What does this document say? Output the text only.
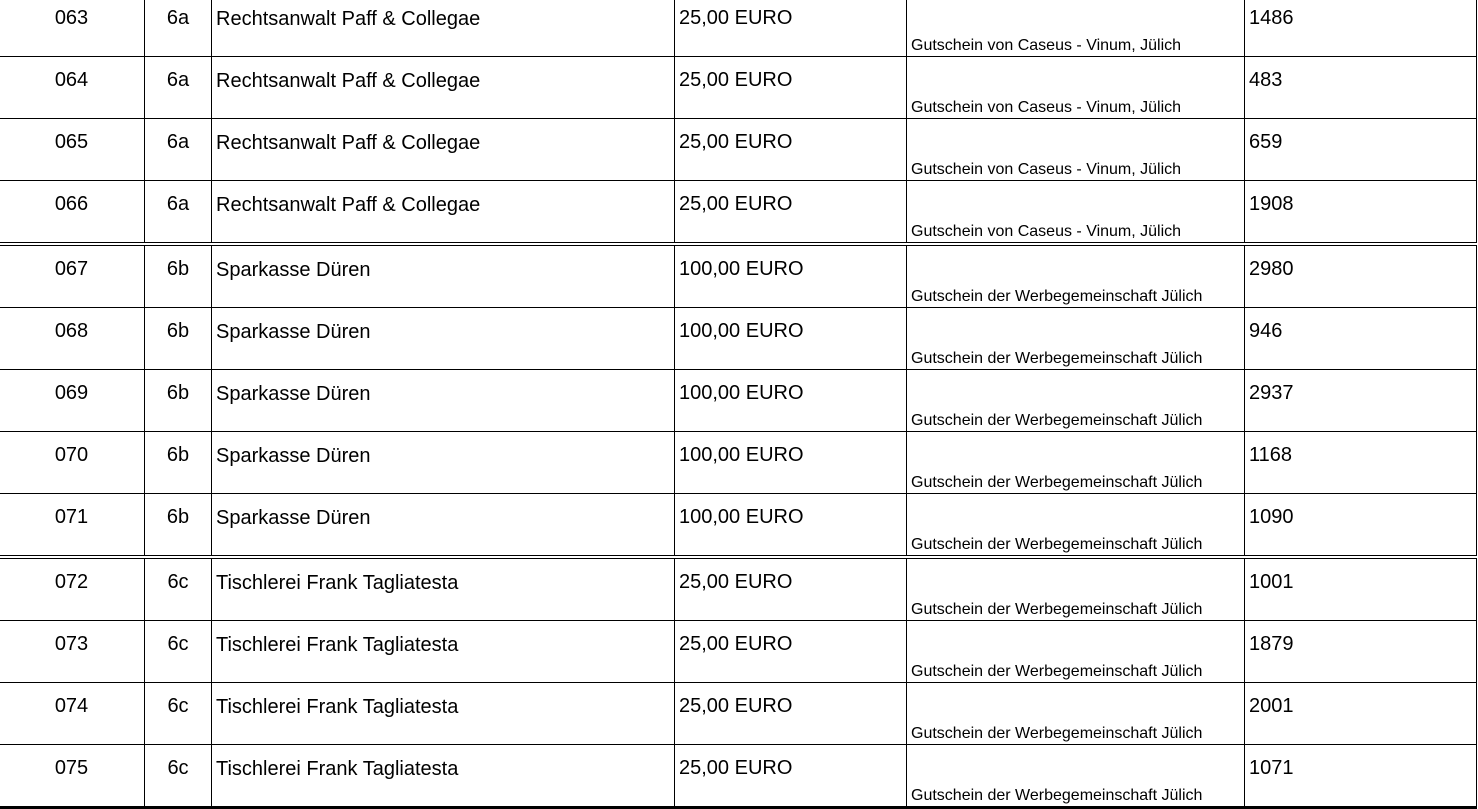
063	6a	Rechtsanwalt Paff & Collegae	25,00 EURO	Gutschein von Caseus - Vinum, Jülich	1486
064	6a	Rechtsanwalt Paff & Collegae	25,00 EURO	Gutschein von Caseus - Vinum, Jülich	483
065	6a	Rechtsanwalt Paff & Collegae	25,00 EURO	Gutschein von Caseus - Vinum, Jülich	659
066	6a	Rechtsanwalt Paff & Collegae	25,00 EURO	Gutschein von Caseus - Vinum, Jülich	1908
067	6b	Sparkasse Düren	100,00 EURO	Gutschein der Werbegemeinschaft Jülich	2980
068	6b	Sparkasse Düren	100,00 EURO	Gutschein der Werbegemeinschaft Jülich	946
069	6b	Sparkasse Düren	100,00 EURO	Gutschein der Werbegemeinschaft Jülich	2937
070	6b	Sparkasse Düren	100,00 EURO	Gutschein der Werbegemeinschaft Jülich	1168
071	6b	Sparkasse Düren	100,00 EURO	Gutschein der Werbegemeinschaft Jülich	1090
072	6c	Tischlerei Frank Tagliatesta	25,00 EURO	Gutschein der Werbegemeinschaft Jülich	1001
073	6c	Tischlerei Frank Tagliatesta	25,00 EURO	Gutschein der Werbegemeinschaft Jülich	1879
074	6c	Tischlerei Frank Tagliatesta	25,00 EURO	Gutschein der Werbegemeinschaft Jülich	2001
075	6c	Tischlerei Frank Tagliatesta	25,00 EURO	Gutschein der Werbegemeinschaft Jülich	1071
